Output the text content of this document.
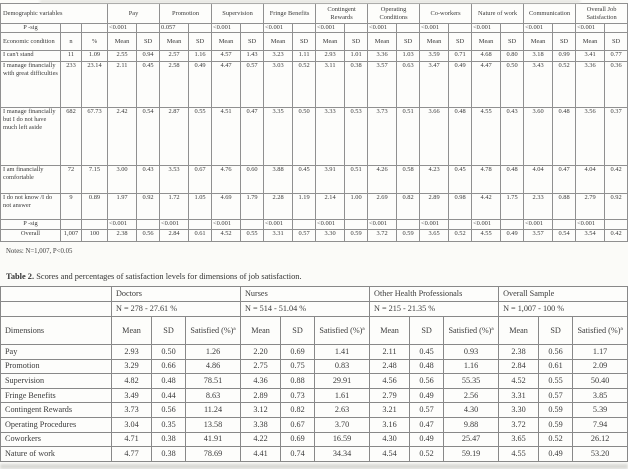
Demographic variables			Pay		Promotion		Supervision		Fringe Benefits		Contingent Rewards		Operating Conditions		Co-workers		Nature of work		Communication		Overall Job Satisfaction	
P -sig			<0.001		0.057		<0.001		<0.001		<0.001		<0.001		<0.001		<0.001		<0.001		<0.001	
Economic condition	n	%	Mean	SD	Mean	SD	Mean	SD	Mean	SD	Mean	SD	Mean	SD	Mean	SD	Mean	SD	Mean	SD	Mean	SD
I can't stand	11	1.09	2.55	0.94	2.57	1.16	4.57	1.43	3.23	1.11	2.93	1.01	3.36	1.03	3.59	0.71	4.68	0.80	3.18	0.99	3.41	0.77
I manage financially with great difficulties	233	23.14	2.11	0.45	2.58	0.49	4.47	0.57	3.03	0.52	3.11	0.38	3.57	0.63	3.47	0.49	4.47	0.50	3.43	0.52	3.36	0.36
I manage financially but I do not have much left aside	682	67.73	2.42	0.54	2.87	0.55	4.51	0.47	3.35	0.50	3.33	0.53	3.73	0.51	3.66	0.48	4.55	0.43	3.60	0.48	3.56	0.37
I am financially comfortable	72	7.15	3.00	0.43	3.53	0.67	4.76	0.60	3.88	0.45	3.91	0.51	4.26	0.58	4.23	0.45	4.78	0.48	4.04	0.47	4.04	0.42
I do not know /I do not answer	9	0.89	1.97	0.92	1.72	1.05	4.69	1.79	2.28	1.19	2.14	1.00	2.69	0.82	2.89	0.98	4.42	1.75	2.33	0.88	2.79	0.92
P -sig			<0.001		<0.001		<0.001		<0.001		<0.001		<0.001		<0.001		<0.001		<0.001		<0.001	
Overall	1,007	100	2.38	0.56	2.84	0.61	4.52	0.55	3.31	0.57	3.30	0.59	3.72	0.59	3.65	0.52	4.55	0.49	3.57	0.54	3.54	0.42

Notes: N=1,007, P<0.05

Table 2. Scores and percentages of satisfaction levels for dimensions of job satisfaction.

	Doctors			Nurses			Other Health Professionals			Overall Sample		
	N = 278 - 27.61 %			N = 514 - 51.04 %			N = 215 - 21.35 %			N = 1,007 - 100 %		
Dimensions	Mean	SD	Satisfied (%)ª	Mean	SD	Satisfied (%)ª	Mean	SD	Satisfied (%)ª	Mean	SD	Satisfied (%)ª
Pay	2.93	0.50	1.26	2.20	0.69	1.41	2.11	0.45	0.93	2.38	0.56	1.17
Promotion	3.29	0.66	4.86	2.75	0.75	0.83	2.48	0.48	1.16	2.84	0.61	2.09
Supervision	4.82	0.48	78.51	4.36	0.88	29.91	4.56	0.56	55.35	4.52	0.55	50.40
Fringe Benefits	3.49	0.44	8.63	2.89	0.73	1.61	2.79	0.49	2.56	3.31	0.57	3.85
Contingent Rewards	3.73	0.56	11.24	3.12	0.82	2.63	3.21	0.57	4.30	3.30	0.59	5.39
Operating Procedures	3.04	0.35	13.58	3.38	0.67	3.70	3.16	0.47	9.88	3.72	0.59	7.94
Coworkers	4.71	0.38	41.91	4.22	0.69	16.59	4.30	0.49	25.47	3.65	0.52	26.12
Nature of work	4.77	0.38	78.69	4.41	0.74	34.34	4.54	0.52	59.19	4.55	0.49	53.20
